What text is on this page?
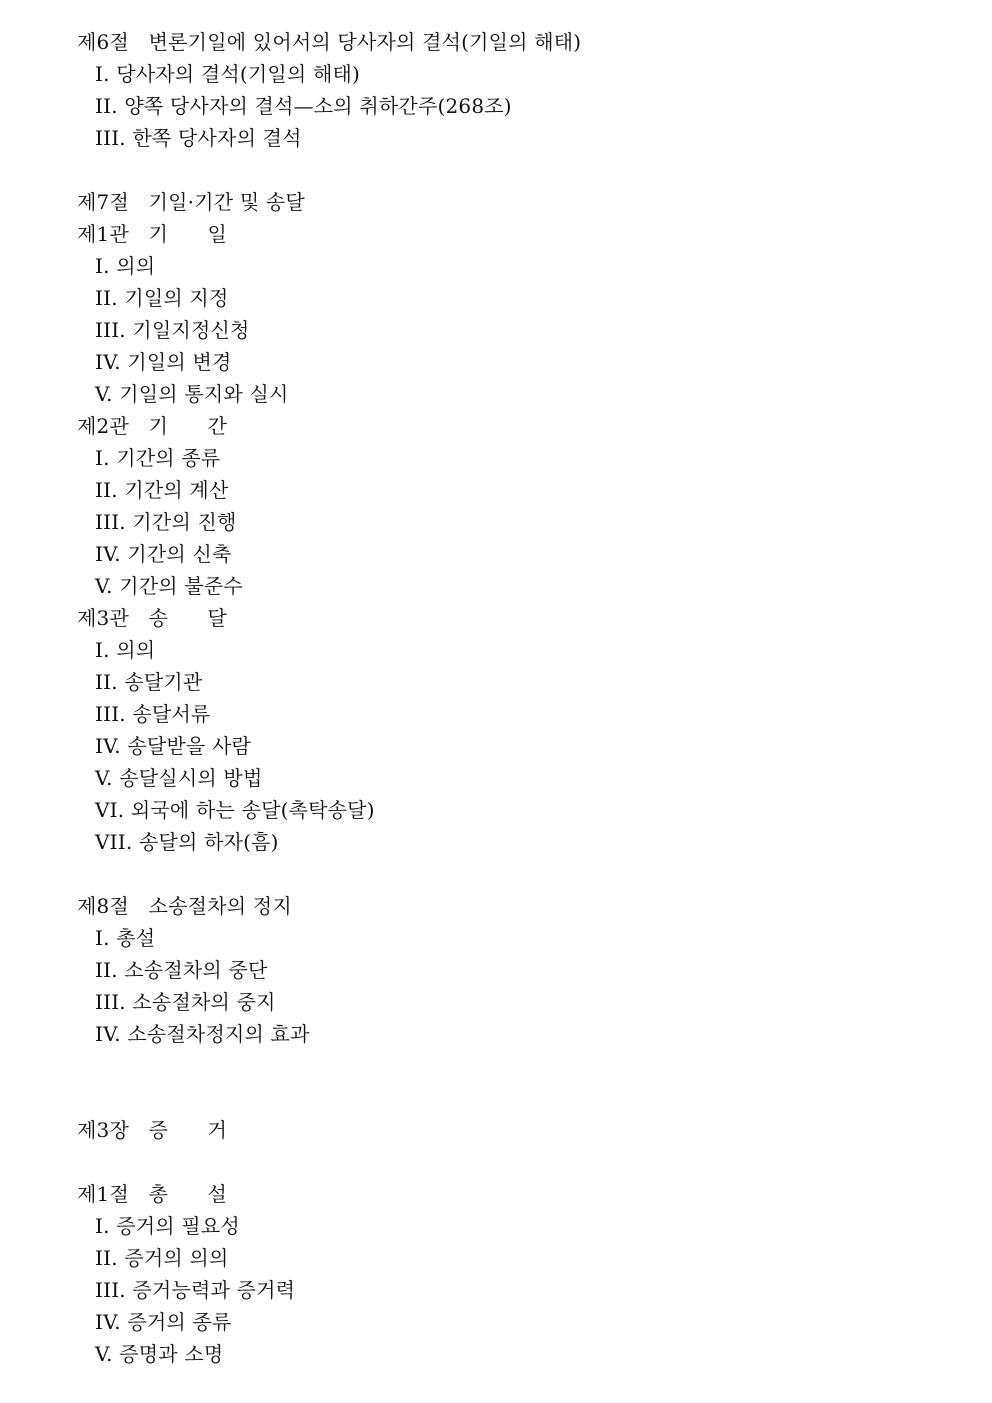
제6절   변론기일에 있어서의 당사자의 결석(기일의 해태)
I. 당사자의 결석(기일의 해태)
II. 양쪽 당사자의 결석—소의 취하간주(268조)
III. 한쪽 당사자의 결석
제7절   기일·기간 및 송달
제1관   기      일
I. 의의
II. 기일의 지정
III. 기일지정신청
IV. 기일의 변경
V. 기일의 통지와 실시
제2관   기      간
I. 기간의 종류
II. 기간의 계산
III. 기간의 진행
IV. 기간의 신축
V. 기간의 불준수
제3관   송      달
I. 의의
II. 송달기관
III. 송달서류
IV. 송달받을 사람
V. 송달실시의 방법
VI. 외국에 하는 송달(촉탁송달)
VII. 송달의 하자(흠)
제8절   소송절차의 정지
I. 총설
II. 소송절차의 중단
III. 소송절차의 중지
IV. 소송절차정지의 효과
제3장   증      거
제1절   총      설
I. 증거의 필요성
II. 증거의 의의
III. 증거능력과 증거력
IV. 증거의 종류
V. 증명과 소명
